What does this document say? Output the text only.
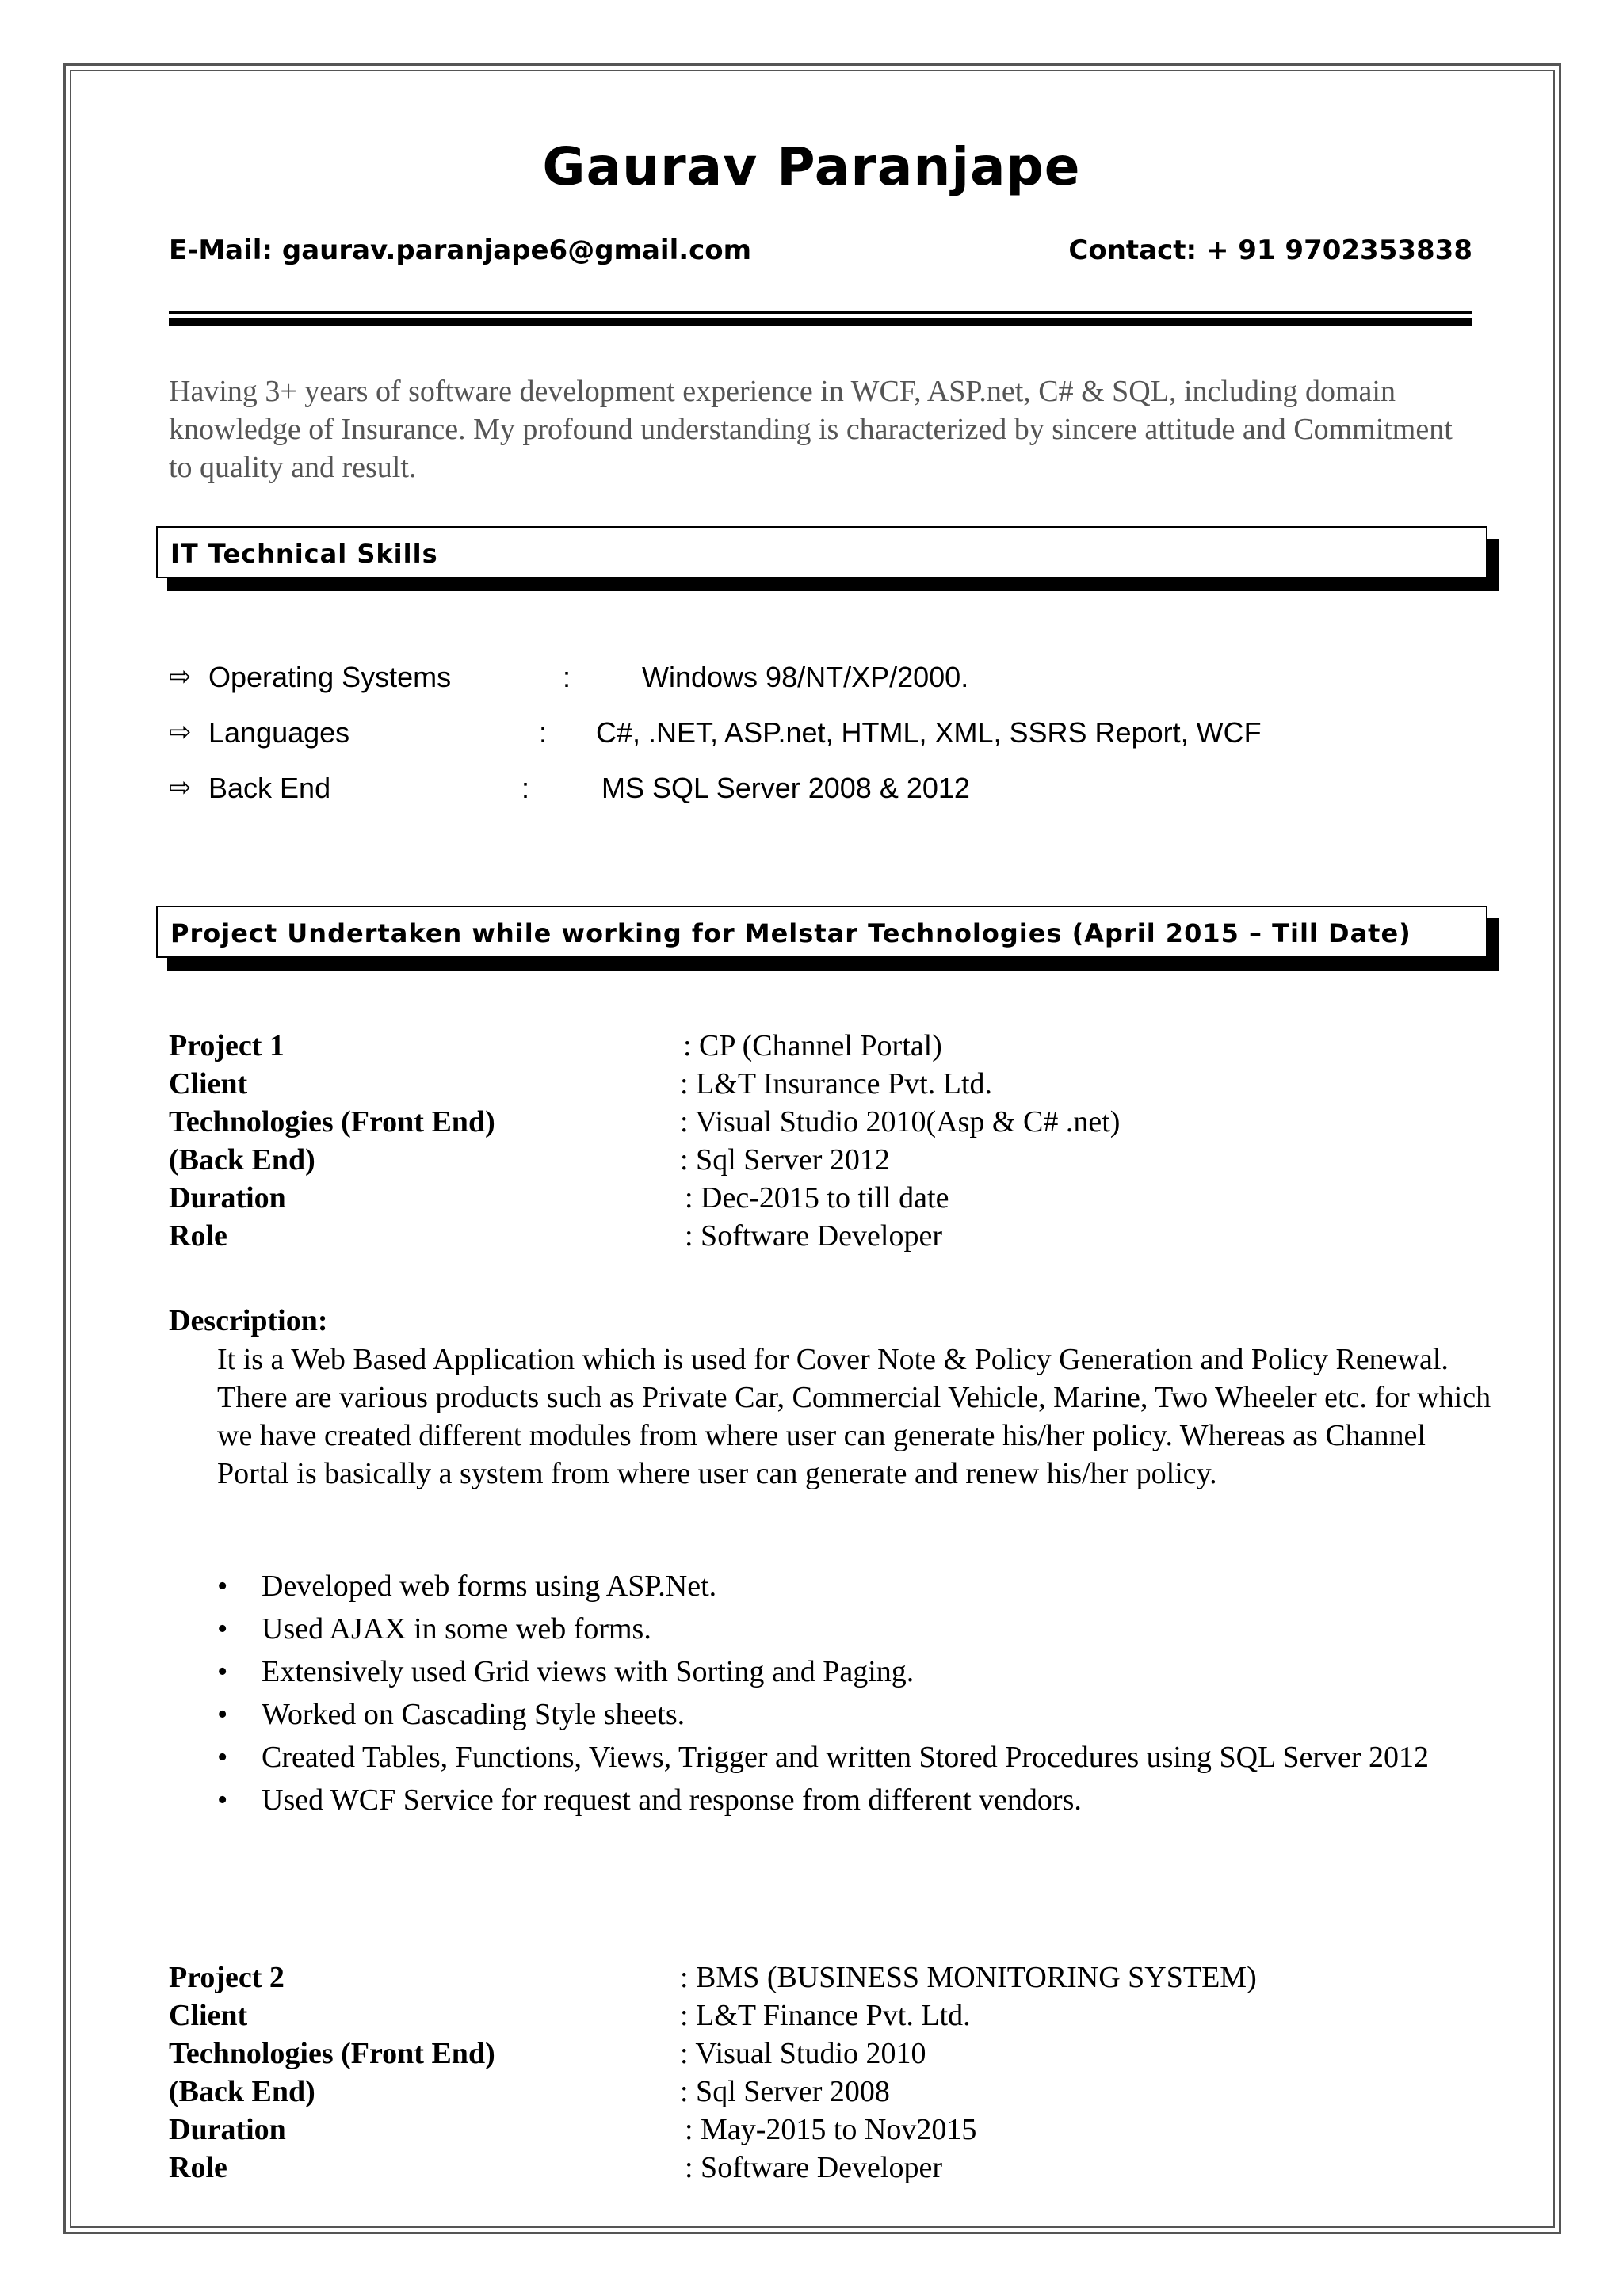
Gaurav Paranjape
E-Mail: gaurav.paranjape6@gmail.com	Contact: + 91 9702353838
Having 3+ years of software development experience in WCF, ASP.net, C# & SQL, including domain knowledge of Insurance. My profound understanding is characterized by sincere attitude and Commitment to quality and result.
IT Technical Skills
⇨ Operating Systems	: Windows 98/NT/XP/2000.
⇨ Languages	: C#, .NET, ASP.net, HTML, XML, SSRS Report, WCF
⇨ Back End	:	MS SQL Server 2008 & 2012
Project Undertaken while working for Melstar Technologies (April 2015 – Till Date)
Project 1	: CP (Channel Portal)
Client	: L&T Insurance Pvt. Ltd.
Technologies (Front End)	: Visual Studio 2010(Asp & C# .net)
(Back End)	: Sql Server 2012
Duration	: Dec-2015 to till date
Role	: Software Developer
Description:
It is a Web Based Application which is used for Cover Note & Policy Generation and Policy Renewal. There are various products such as Private Car, Commercial Vehicle, Marine, Two Wheeler etc. for which we have created different modules from where user can generate his/her policy. Whereas as Channel Portal is basically a system from where user can generate and renew his/her policy.
• Developed web forms using ASP.Net.
• Used AJAX in some web forms.
• Extensively used Grid views with Sorting and Paging.
• Worked on Cascading Style sheets.
• Created Tables, Functions, Views, Trigger and written Stored Procedures using SQL Server 2012
• Used WCF Service for request and response from different vendors.
Project 2	: BMS (BUSINESS MONITORING SYSTEM)
Client	: L&T Finance Pvt. Ltd.
Technologies (Front End)	: Visual Studio 2010
(Back End)	: Sql Server 2008
Duration	: May-2015 to Nov2015
Role	: Software Developer
